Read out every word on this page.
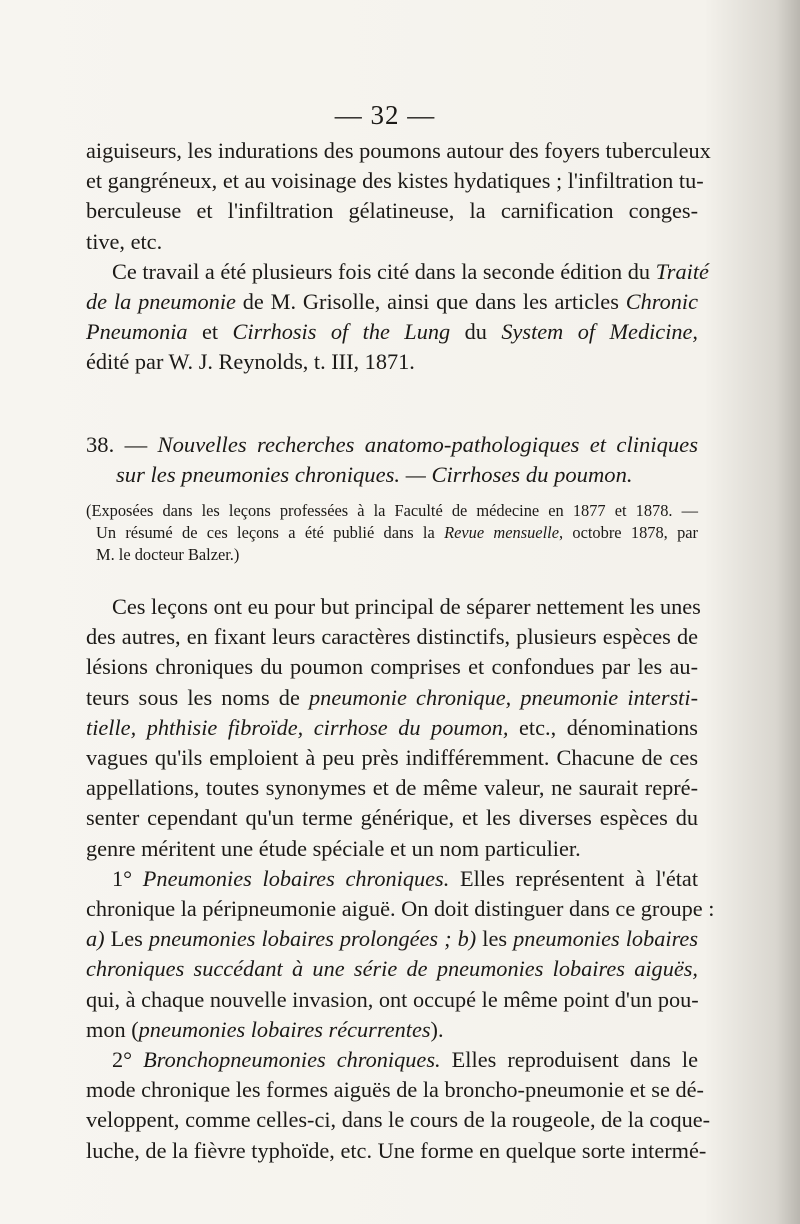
— 32 —
aiguiseurs, les indurations des poumons autour des foyers tuberculeux
et gangréneux, et au voisinage des kistes hydatiques ; l'infiltration tu-
berculeuse et l'infiltration gélatineuse, la carnification conges-
tive, etc.
Ce travail a été plusieurs fois cité dans la seconde édition du Traité
de la pneumonie de M. Grisolle, ainsi que dans les articles Chronic
Pneumonia et Cirrhosis of the Lung du System of Medicine,
édité par W. J. Reynolds, t. III, 1871.
38. — Nouvelles recherches anatomo-pathologiques et cliniques
sur les pneumonies chroniques. — Cirrhoses du poumon.
(Exposées dans les leçons professées à la Faculté de médecine en 1877 et 1878. —
Un résumé de ces leçons a été publié dans la Revue mensuelle, octobre 1878, par
M. le docteur Balzer.)
Ces leçons ont eu pour but principal de séparer nettement les unes
des autres, en fixant leurs caractères distinctifs, plusieurs espèces de
lésions chroniques du poumon comprises et confondues par les au-
teurs sous les noms de pneumonie chronique, pneumonie intersti-
tielle, phthisie fibroïde, cirrhose du poumon, etc., dénominations
vagues qu'ils emploient à peu près indifféremment. Chacune de ces
appellations, toutes synonymes et de même valeur, ne saurait repré-
senter cependant qu'un terme générique, et les diverses espèces du
genre méritent une étude spéciale et un nom particulier.
1° Pneumonies lobaires chroniques. Elles représentent à l'état
chronique la péripneumonie aiguë. On doit distinguer dans ce groupe :
a) Les pneumonies lobaires prolongées ; b) les pneumonies lobaires
chroniques succédant à une série de pneumonies lobaires aiguës,
qui, à chaque nouvelle invasion, ont occupé le même point d'un pou-
mon (pneumonies lobaires récurrentes).
2° Bronchopneumonies chroniques. Elles reproduisent dans le
mode chronique les formes aiguës de la broncho-pneumonie et se dé-
veloppent, comme celles-ci, dans le cours de la rougeole, de la coque-
luche, de la fièvre typhoïde, etc. Une forme en quelque sorte intermé-
